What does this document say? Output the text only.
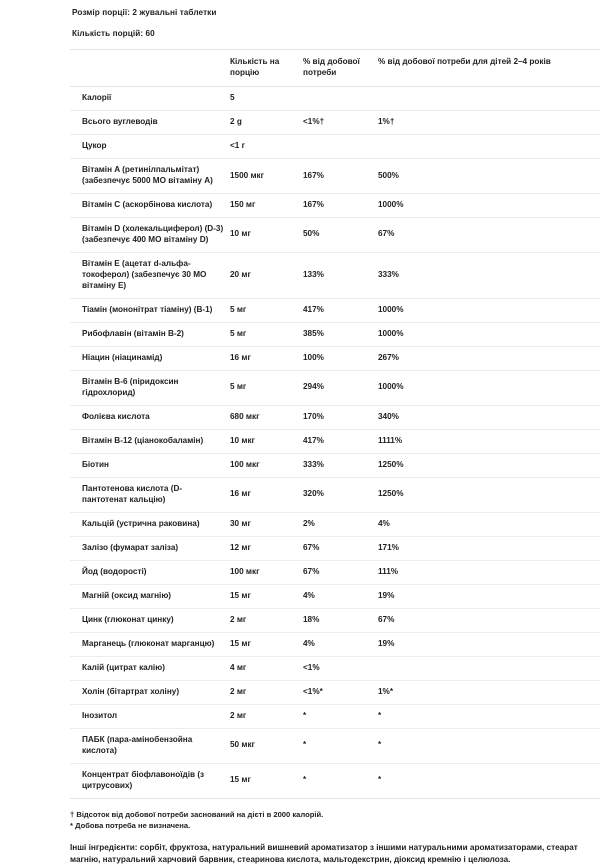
Розмір порції: 2 жувальні таблетки
Кількість порцій: 60
	Кількість на порцію	% від добової потреби	% від добової потреби для дітей 2–4 років
Калорії	5		
Всього вуглеводів	2 g	<1%†	1%†
Цукор	<1 г		
Вітамін A (ретинілпальмітат) (забезпечує 5000 МО вітаміну A)	1500 мкг	167%	500%
Вітамін C (аскорбінова кислота)	150 мг	167%	1000%
Вітамін D (холекальциферол) (D-3) (забезпечує 400 МО вітаміну D)	10 мг	50%	67%
Вітамін E (ацетат d-альфа-токоферол) (забезпечує 30 МО вітаміну E)	20 мг	133%	333%
Тіамін (мононітрат тіаміну) (B-1)	5 мг	417%	1000%
Рибофлавін (вітамін B-2)	5 мг	385%	1000%
Ніацин (ніацинамід)	16 мг	100%	267%
Вітамін B-6 (піридоксин гідрохлорид)	5 мг	294%	1000%
Фолієва кислота	680 мкг	170%	340%
Вітамін B-12 (ціанокобаламін)	10 мкг	417%	1111%
Біотин	100 мкг	333%	1250%
Пантотенова кислота (D-пантотенат кальцію)	16 мг	320%	1250%
Кальцій (устрична раковина)	30 мг	2%	4%
Залізо (фумарат заліза)	12 мг	67%	171%
Йод (водорості)	100 мкг	67%	111%
Магній (оксид магнію)	15 мг	4%	19%
Цинк (глюконат цинку)	2 мг	18%	67%
Марганець (глюконат марганцю)	15 мг	4%	19%
Калій (цитрат калію)	4 мг	<1%	
Холін (бітартрат холіну)	2 мг	<1%*	1%*
Інозитол	2 мг	*	*
ПАБК (пара-амінобензойна кислота)	50 мкг	*	*
Концентрат біофлавоноїдів (з цитрусових)	15 мг	*	*
† Відсоток від добової потреби заснований на дієті в 2000 калорій.
* Добова потреба не визначена.
Інші інгредієнти: сорбіт, фруктоза, натуральний вишневий ароматизатор з іншими натуральними ароматизаторами, стеарат магнію, натуральний харчовий барвник, стеаринова кислота, мальтодекстрин, діоксид кремнію і целюлоза.
